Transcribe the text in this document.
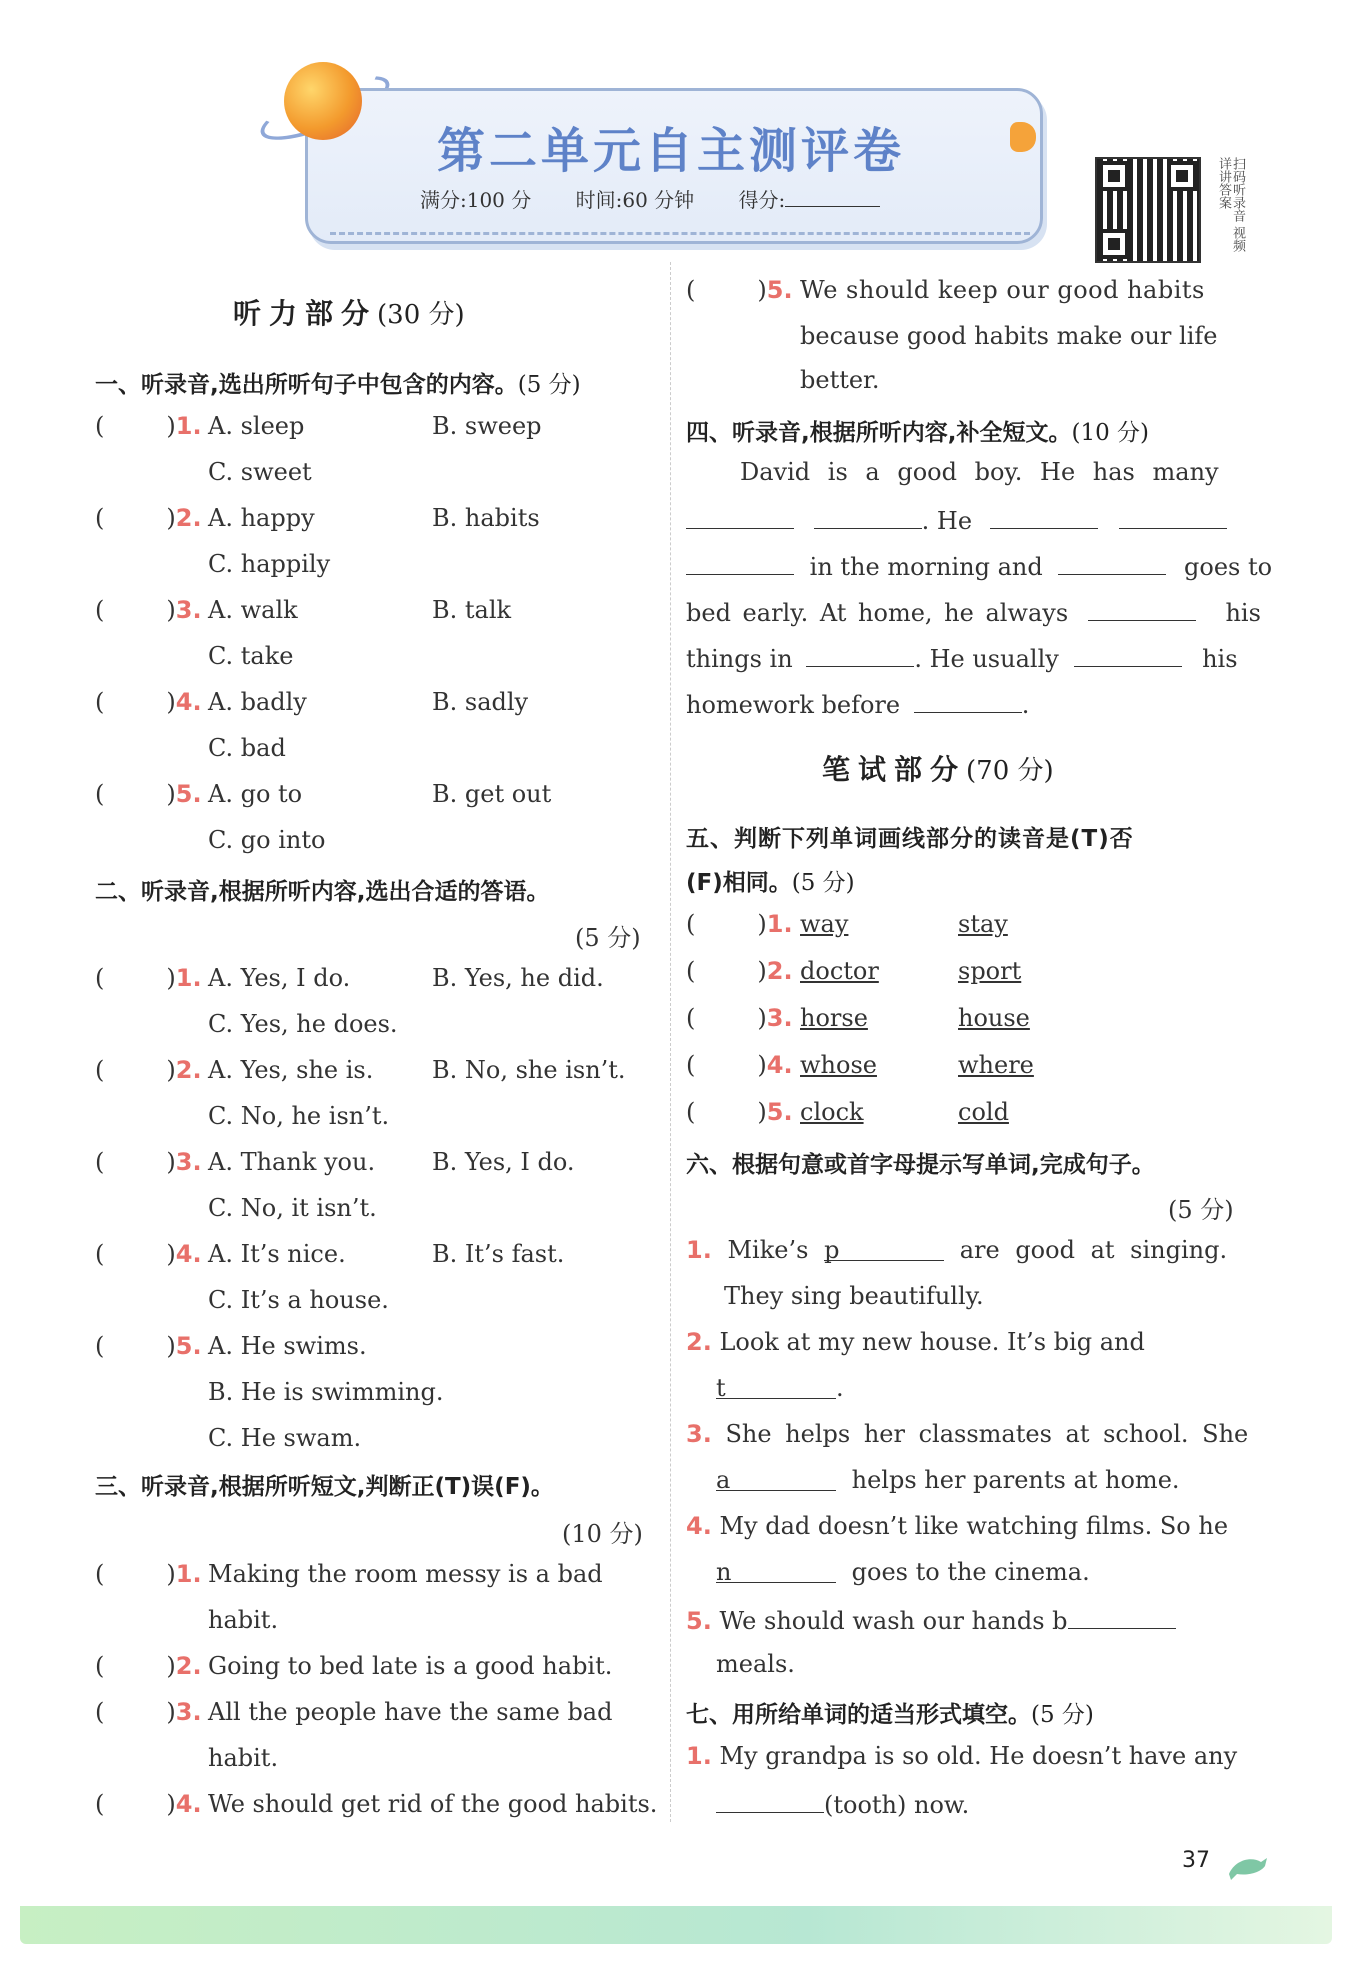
第二单元自主测评卷
满分:100 分 时间:60 分钟 得分:	扫码听录音 视频详讲答案
听力部分(30 分)
一、听录音,选出所听句子中包含的内容。(5 分)
(	)1. A. sleep	B. sweep
C. sweet
(	)2. A. happy	B. habits
C. happily
(	)3. A. walk	B. talk
C. take
(	)4. A. badly	B. sadly
C. bad
(	)5. A. go to	B. get out
C. go into
二、听录音,根据所听内容,选出合适的答语。
(5 分)
(	)1. A. Yes, I do.	B. Yes, he did.
C. Yes, he does.
(	)2. A. Yes, she is. B. No, she isn’t.
C. No, he isn’t.
(	)3. A. Thank you. B. Yes, I do.
C. No, it isn’t.
(	)4. A. It’s nice.	B. It’s fast.
C. It’s a house.
(	)5. A. He swims.
B. He is swimming.
C. He swam.
三、听录音,根据所听短文,判断正(T)误(F)。
(10 分)
(	)1. Making the room messy is a bad
habit.
(	)2. Going to bed late is a good habit.
(	)3. All the people have the same bad
habit.
(	)4. We should get rid of the good habits.
(	)5. We should keep our good habits
because good habits make our life
better.
四、听录音,根据所听内容,补全短文。(10 分)
David is a good boy. He has many
. He
in the morning and	goes to
bed early. At home, he always	his
things in	. He usually	his
homework before	.
笔试部分(70 分)
五、判断下列单词画线部分的读音是(T)否
(F)相同。(5 分)
(	)1. way	stay
(	)2. doctor	sport
(	)3. horse	house
(	)4. whose	where
(	)5. clock	cold
六、根据句意或首字母提示写单词,完成句子。
(5 分)
1. Mike’s p	are good at singing.
They sing beautifully.
2. Look at my new house. It’s big and
t	.
3. She helps her classmates at school. She
a	helps her parents at home.
4. My dad doesn’t like watching films. So he
n	goes to the cinema.
5. We should wash our hands b
meals.
七、用所给单词的适当形式填空。(5 分)
1. My grandpa is so old. He doesn’t have any
(tooth) now.
37
